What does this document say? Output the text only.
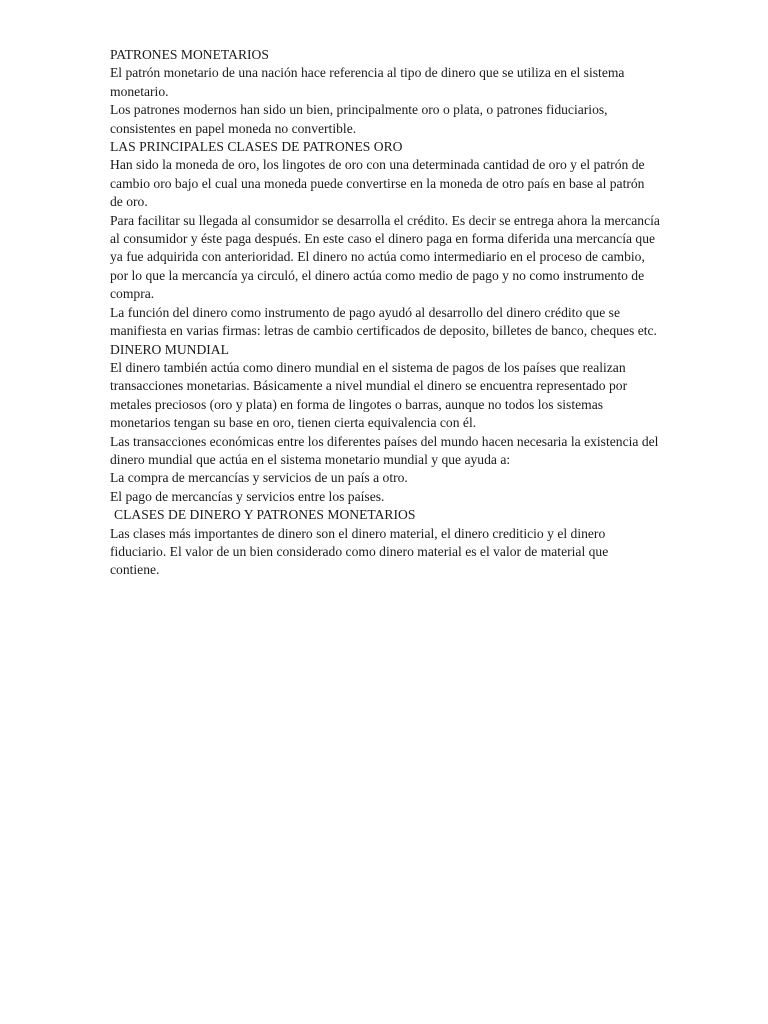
PATRONES MONETARIOS

El patrón monetario de una nación hace referencia al tipo de dinero que se utiliza en el sistema monetario.

Los patrones modernos han sido un bien, principalmente oro o plata, o patrones fiduciarios, consistentes en papel moneda no convertible.

LAS PRINCIPALES CLASES DE PATRONES ORO

Han sido la moneda de oro, los lingotes de oro con una determinada cantidad de oro y el patrón de cambio oro bajo el cual una moneda puede convertirse en la moneda de otro país en base al patrón de oro.

Para facilitar su llegada al consumidor se desarrolla el crédito. Es decir se entrega ahora la mercancía al consumidor y éste paga después. En este caso el dinero paga en forma diferida una mercancía que ya fue adquirida con anterioridad. El dinero no actúa como intermediario en el proceso de cambio, por lo que la mercancía ya circuló, el dinero actúa como medio de pago y no como instrumento de compra.

La función del dinero como instrumento de pago ayudó al desarrollo del dinero crédito que se manifiesta en varias firmas: letras de cambio certificados de deposito, billetes de banco, cheques etc.

DINERO MUNDIAL

El dinero también actúa como dinero mundial en el sistema de pagos de los países que realizan transacciones monetarias. Básicamente a nivel mundial el dinero se encuentra representado por metales preciosos (oro y plata) en forma de lingotes o barras, aunque no todos los sistemas monetarios tengan su base en oro, tienen cierta equivalencia con él.

Las transacciones económicas entre los diferentes países del mundo hacen necesaria la existencia del dinero mundial que actúa en el sistema monetario mundial y que ayuda a:

La compra de mercancías y servicios de un país a otro.

El pago de mercancías y servicios entre los países.

CLASES DE DINERO Y PATRONES MONETARIOS

Las clases más importantes de dinero son el dinero material, el dinero crediticio y el dinero fiduciario. El valor de un bien considerado como dinero material es el valor de material que contiene.
